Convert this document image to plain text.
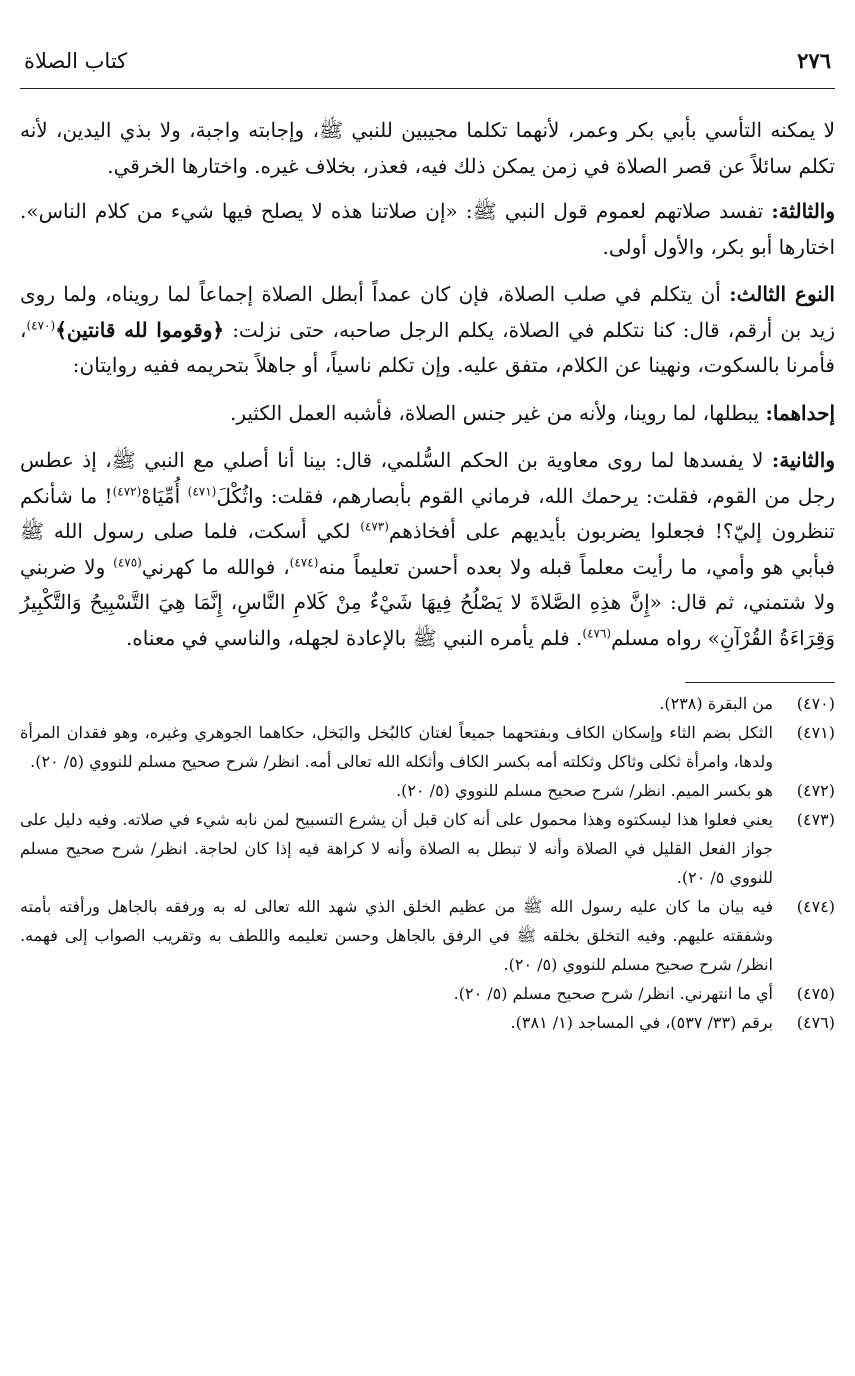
٢٧٦
كتاب الصلاة

لا يمكنه التأسي بأبي بكر وعمر، لأنهما تكلما مجيبين للنبي ﷺ، وإجابته واجبة، ولا بذي اليدين، لأنه تكلم سائلاً عن قصر الصلاة في زمن يمكن ذلك فيه، فعذر، بخلاف غيره. واختارها الخرقي.

والثالثة: تفسد صلاتهم لعموم قول النبي ﷺ: «إن صلاتنا هذه لا يصلح فيها شيء من كلام الناس». اختارها أبو بكر، والأول أولى.

النوع الثالث: أن يتكلم في صلب الصلاة، فإن كان عمداً أبطل الصلاة إجماعاً لما رويناه، ولما روى زيد بن أرقم، قال: كنا نتكلم في الصلاة، يكلم الرجل صاحبه، حتى نزلت: ﴿وقوموا لله قانتين﴾$^{(٤٧٠)}$، فأمرنا بالسكوت، ونهينا عن الكلام، متفق عليه. وإن تكلم ناسياً، أو جاهلاً بتحريمه ففيه روايتان:

إحداهما: يبطلها، لما روينا، ولأنه من غير جنس الصلاة، فأشبه العمل الكثير.

والثانية: لا يفسدها لما روى معاوية بن الحكم السُّلمي، قال: بينا أنا أصلي مع النبي ﷺ، إذ عطس رجل من القوم، فقلت: يرحمك الله، فرماني القوم بأبصارهم، فقلت: واثُكْلَ$^{(٤٧١)}$ أُمِّيَاهْ$^{(٤٧٢)}$! ما شأنكم تنظرون إليّ؟! فجعلوا يضربون بأيديهم على أفخاذهم$^{(٤٧٣)}$ لكي أسكت، فلما صلى رسول الله ﷺ فبأبي هو وأمي، ما رأيت معلماً قبله ولا بعده أحسن تعليماً منه$^{(٤٧٤)}$، فوالله ما كهرني$^{(٤٧٥)}$ ولا ضربني ولا شتمني، ثم قال: «إِنَّ هذِهِ الصَّلاةَ لا يَصْلُحُ فِيهَا شَيْءٌ مِنْ كَلامِ النَّاسِ، إِنَّمَا هِيَ التَّسْبِيحُ وَالتَّكْبِيرُ وَقِرَاءَةُ القُرْآنِ» رواه مسلم$^{(٤٧٦)}$. فلم يأمره النبي ﷺ بالإعادة لجهله، والناسي في معناه.

(٤٧٠)
من البقرة (٢٣٨).
(٤٧١)
الثكل بضم الثاء وإسكان الكاف وبفتحهما جميعاً لغتان كالبُخل والبَخل، حكاهما الجوهري وغيره، وهو فقدان المرأة ولدها، وامرأة ثكلى وثاكل وثكلته أمه بكسر الكاف وأثكله الله تعالى أمه. انظر/ شرح صحيح مسلم للنووي (٥/ ٢٠).
(٤٧٢)
هو بكسر الميم. انظر/ شرح صحيح مسلم للنووي (٥/ ٢٠).
(٤٧٣)
يعني فعلوا هذا ليسكتوه وهذا محمول على أنه كان قبل أن يشرع التسبيح لمن نابه شيء في صلاته. وفيه دليل على جواز الفعل القليل في الصلاة وأنه لا تبطل به الصلاة وأنه لا كراهة فيه إذا كان لحاجة. انظر/ شرح صحيح مسلم للنووي ٥/ ٢٠).
(٤٧٤)
فيه بيان ما كان عليه رسول الله ﷺ من عظيم الخلق الذي شهد الله تعالى له به ورفقه بالجاهل ورأفته بأمته وشفقته عليهم. وفيه التخلق بخلقه ﷺ في الرفق بالجاهل وحسن تعليمه واللطف به وتقريب الصواب إلى فهمه. انظر/ شرح صحيح مسلم للنووي (٥/ ٢٠).
(٤٧٥)
أي ما انتهرني. انظر/ شرح صحيح مسلم (٥/ ٢٠).
(٤٧٦)
برقم (٣٣/ ٥٣٧)، في المساجد (١/ ٣٨١).
